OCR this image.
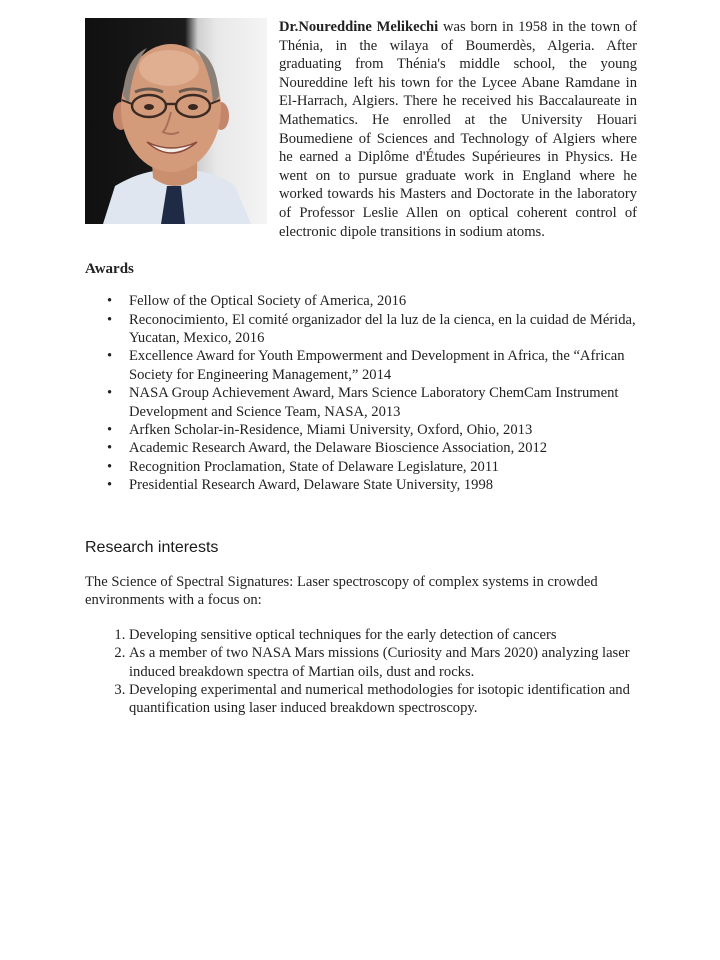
Dr.Noureddine Melikechi was born in 1958 in the town of Thénia, in the wilaya of Boumerdès, Algeria. After graduating from Thénia's middle school, the young Noureddine left his town for the Lycee Abane Ramdane in El-Harrach, Algiers. There he received his Baccalaureate in Mathematics. He enrolled at the University Houari Boumediene of Sciences and Technology of Algiers where he earned a Diplôme d'Études Supérieures in Physics. He went on to pursue graduate work in England where he worked towards his Masters and Doctorate in the laboratory of Professor Leslie Allen on optical coherent control of electronic dipole transitions in sodium atoms.

Awards
• Fellow of the Optical Society of America, 2016
• Reconocimiento, El comité organizador del la luz de la cienca, en la cuidad de Mérida, Yucatan, Mexico, 2016
• Excellence Award for Youth Empowerment and Development in Africa, the “African Society for Engineering Management,” 2014
• NASA Group Achievement Award, Mars Science Laboratory ChemCam Instrument Development and Science Team, NASA, 2013
• Arfken Scholar-in-Residence, Miami University, Oxford, Ohio, 2013
• Academic Research Award, the Delaware Bioscience Association, 2012
• Recognition Proclamation, State of Delaware Legislature, 2011
• Presidential Research Award, Delaware State University, 1998
Research interests

The Science of Spectral Signatures: Laser spectroscopy of complex systems in crowded environments with a focus on:

1. Developing sensitive optical techniques for the early detection of cancers
2. As a member of two NASA Mars missions (Curiosity and Mars 2020) analyzing laser induced breakdown spectra of Martian oils, dust and rocks.
3. Developing experimental and numerical methodologies for isotopic identification and quantification using laser induced breakdown spectroscopy.
